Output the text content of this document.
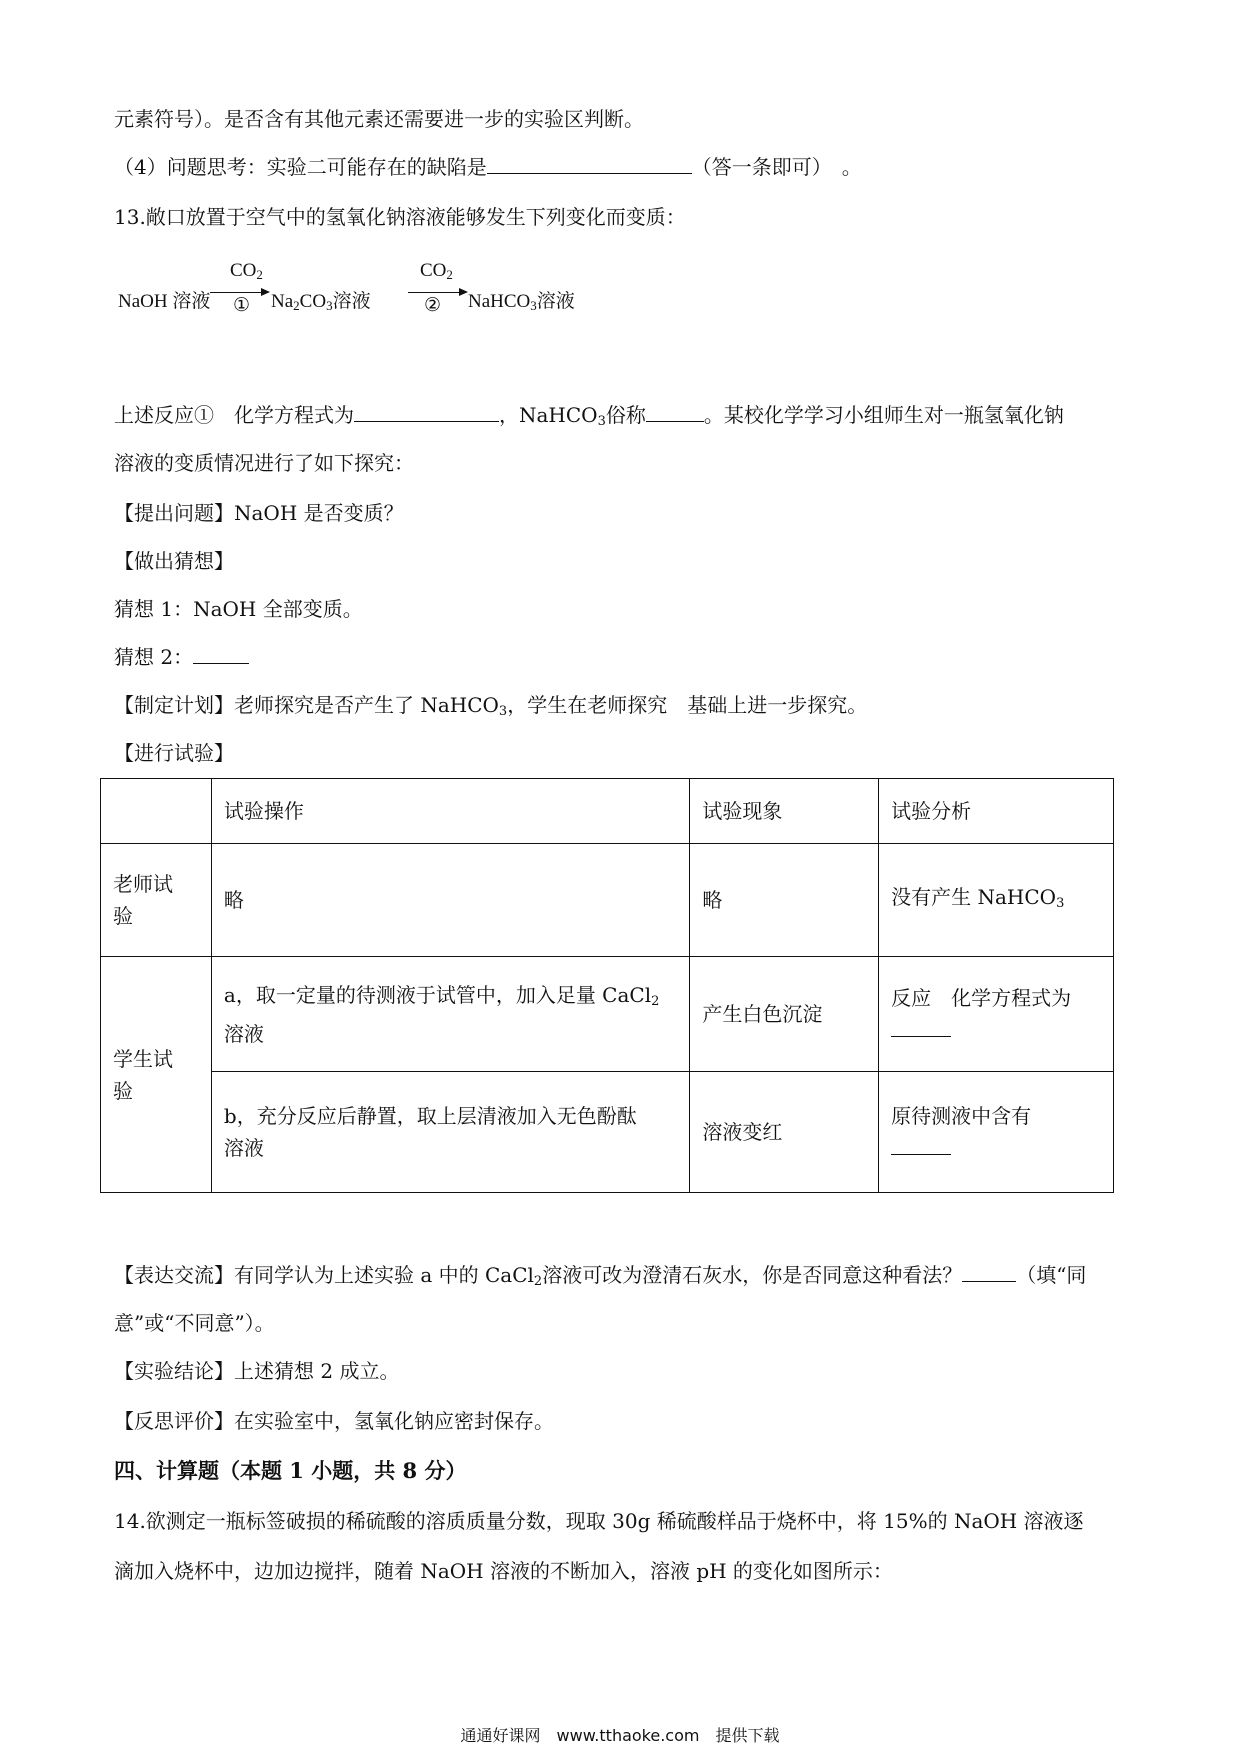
元素符号）。是否含有其他元素还需要进一步的实验区判断。
（4）问题思考：实验二可能存在的缺陷是	（答一条即可）　。
13.敞口放置于空气中的氢氧化钠溶液能够发生下列变化而变质：
NaOH 溶液
$CO_2$
① $Na_2CO_3$溶液
$CO_2$
② NaHCO$_3$溶液
上述反应①　化学方程式为	，NaHCO$_3$俗称	。某校化学学习小组师生对一瓶氢氧化钠
溶液的变质情况进行了如下探究：
【提出问题】NaOH 是否变质？
【做出猜想】
猜想 1：NaOH 全部变质。
猜想 2：
【制定计划】老师探究是否产生了 NaHCO$_3$，学生在老师探究　基础上进一步探究。
【进行试验】
	试验操作	试验现象	试验分析
老师试
验	略	略	没有产生 NaHCO$_3$
学生试
验	a，取一定量的待测液于试管中，加入足量 CaCl$_2$
溶液	产生白色沉淀	反应　化学方程式为

	b，充分反应后静置，取上层清液加入无色酚酞
溶液	溶液变红	原待测液中含有

【表达交流】有同学认为上述实验 a 中的 CaCl$_2$溶液可改为澄清石灰水，你是否同意这种看法？	（填“同
意”或“不同意”）。
【实验结论】上述猜想 2 成立。
【反思评价】在实验室中，氢氧化钠应密封保存。
四、计算题（本题 1 小题，共 8 分）
14.欲测定一瓶标签破损的稀硫酸的溶质质量分数，现取 30g 稀硫酸样品于烧杯中，将 15%的 NaOH 溶液逐
滴加入烧杯中，边加边搅拌，随着 NaOH 溶液的不断加入，溶液 pH 的变化如图所示：
通通好课网　www.tthaoke.com　提供下载
